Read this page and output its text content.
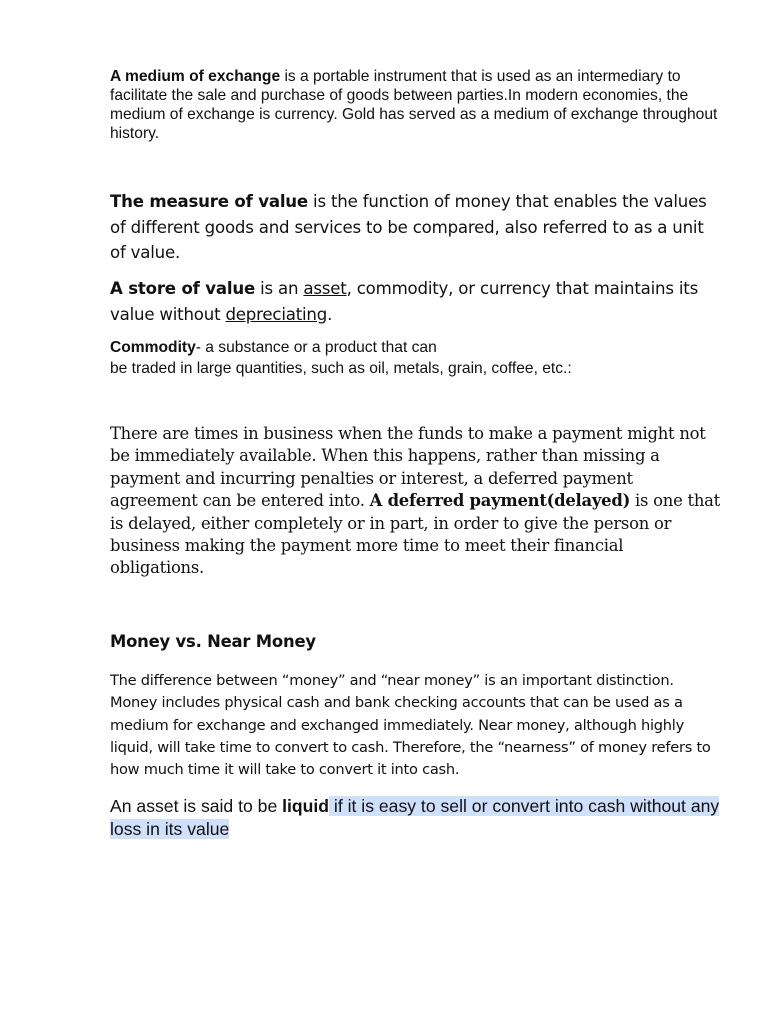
A medium of exchange is a portable instrument that is used as an intermediary to facilitate the sale and purchase of goods between parties.In modern economies, the medium of exchange is currency. Gold has served as a medium of exchange throughout history.

The measure of value is the function of money that enables the values of different goods and services to be compared, also referred to as a unit of value.

A store of value is an asset, commodity, or currency that maintains its value without depreciating.

Commodity- a substance or a product that can
be traded in large quantities, such as oil, metals, grain, coffee, etc.:

There are times in business when the funds to make a payment might not be immediately available. When this happens, rather than missing a payment and incurring penalties or interest, a deferred payment agreement can be entered into. A deferred payment(delayed) is one that is delayed, either completely or in part, in order to give the person or business making the payment more time to meet their financial obligations.

Money vs. Near Money

The difference between “money” and “near money” is an important distinction. Money includes physical cash and bank checking accounts that can be used as a medium for exchange and exchanged immediately. Near money, although highly liquid, will take time to convert to cash. Therefore, the “nearness” of money refers to how much time it will take to convert it into cash.

An asset is said to be liquid if it is easy to sell or convert into cash without any loss in its value
